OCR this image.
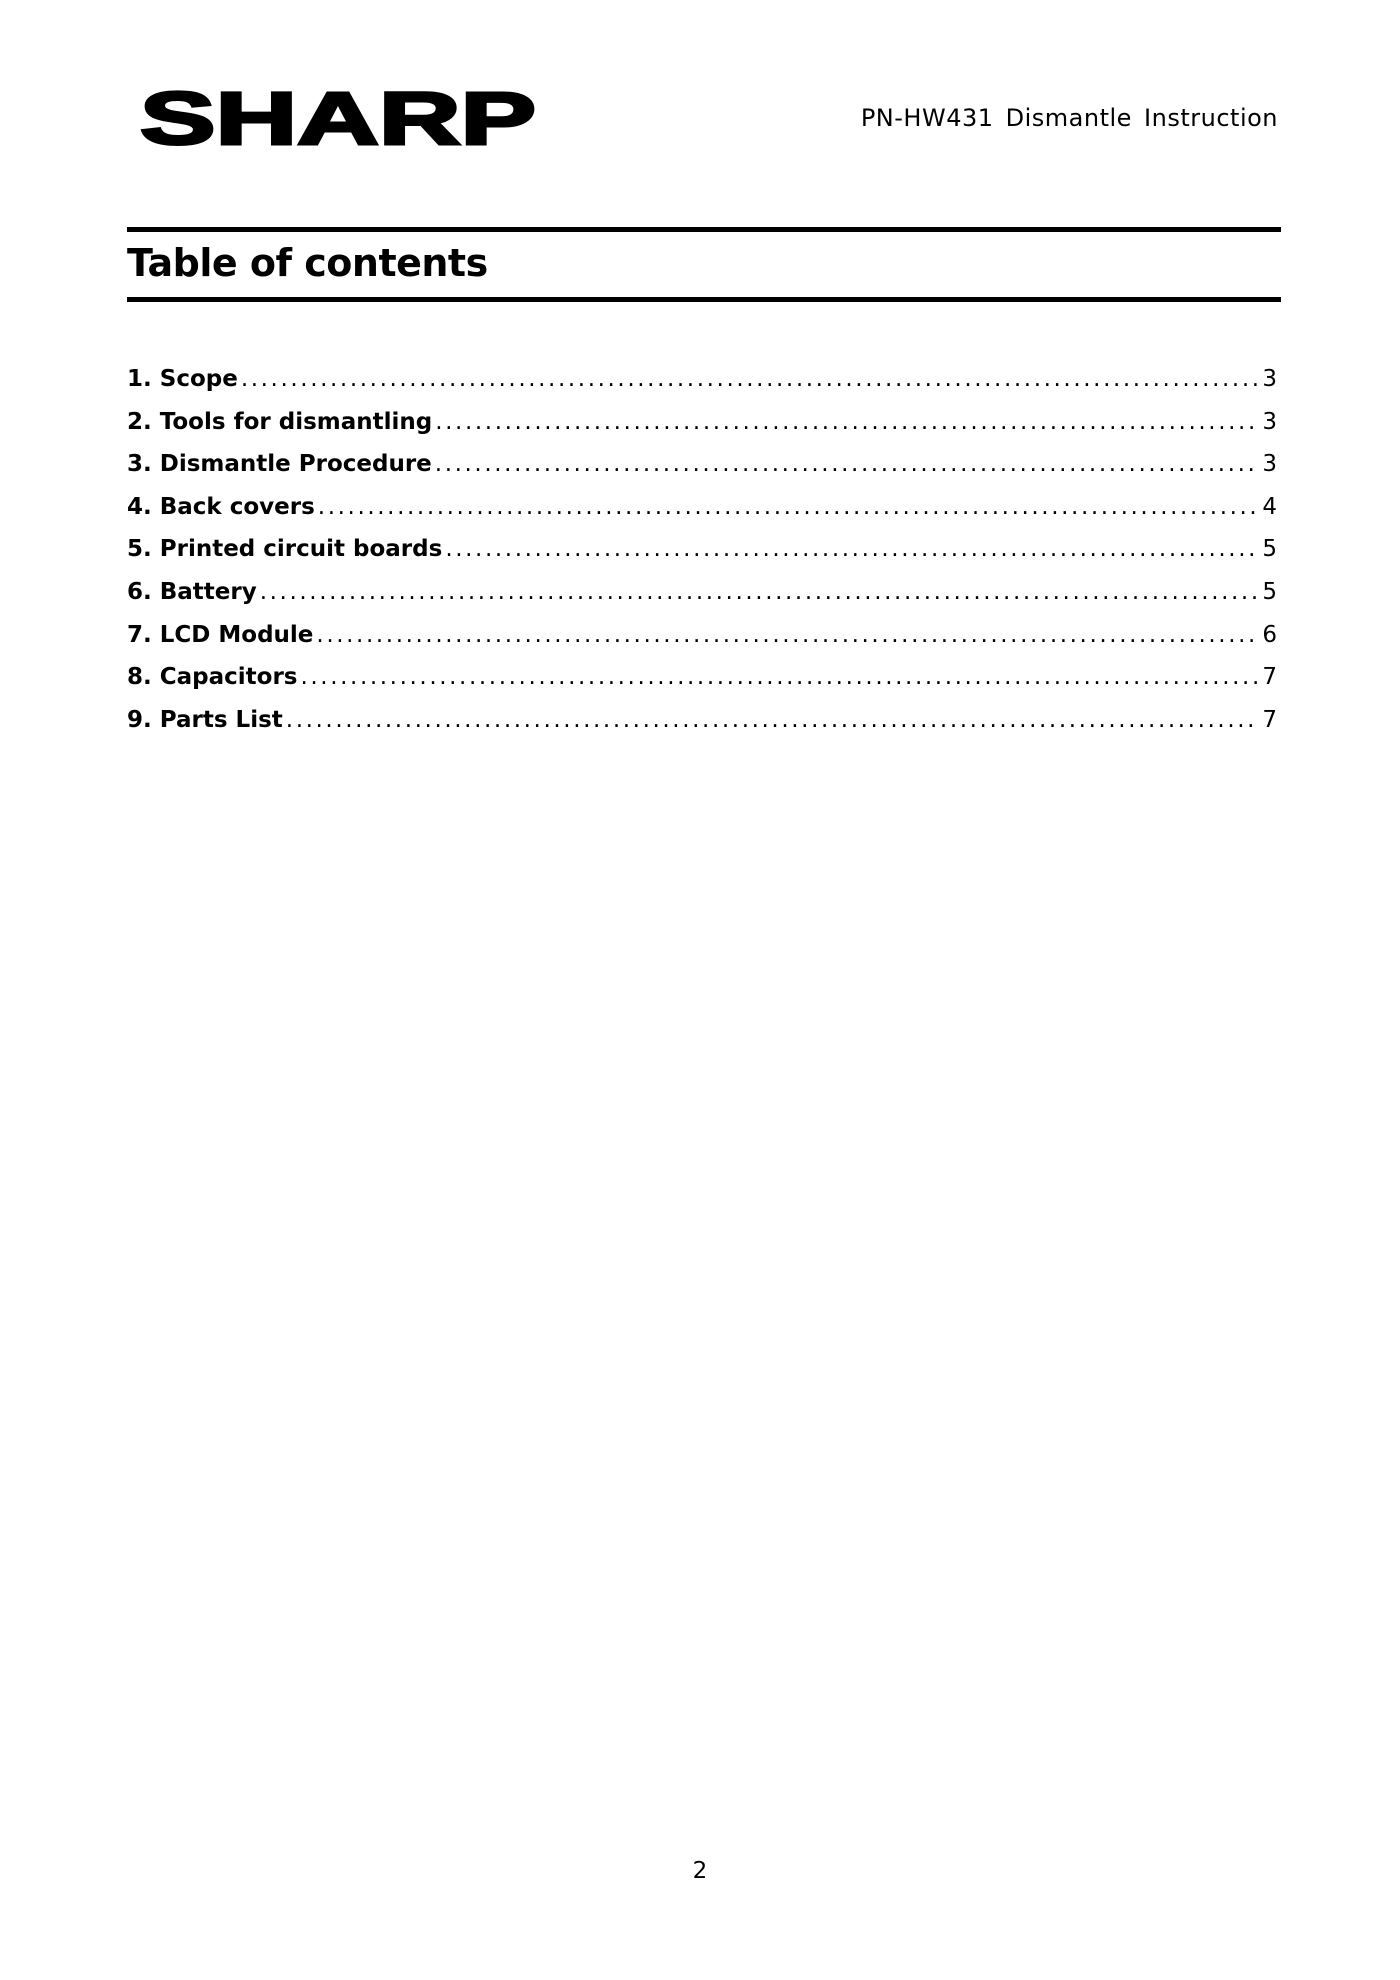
SHARP	PN-HW431 Dismantle Instruction
Table of contents
1. Scope .....	3
2. Tools for dismantling .....	3
3. Dismantle Procedure .....	3
4. Back covers .....	4
5. Printed circuit boards .....	5
6. Battery .....	5
7. LCD Module .....	6
8. Capacitors .....	7
9. Parts List .....	7
2
